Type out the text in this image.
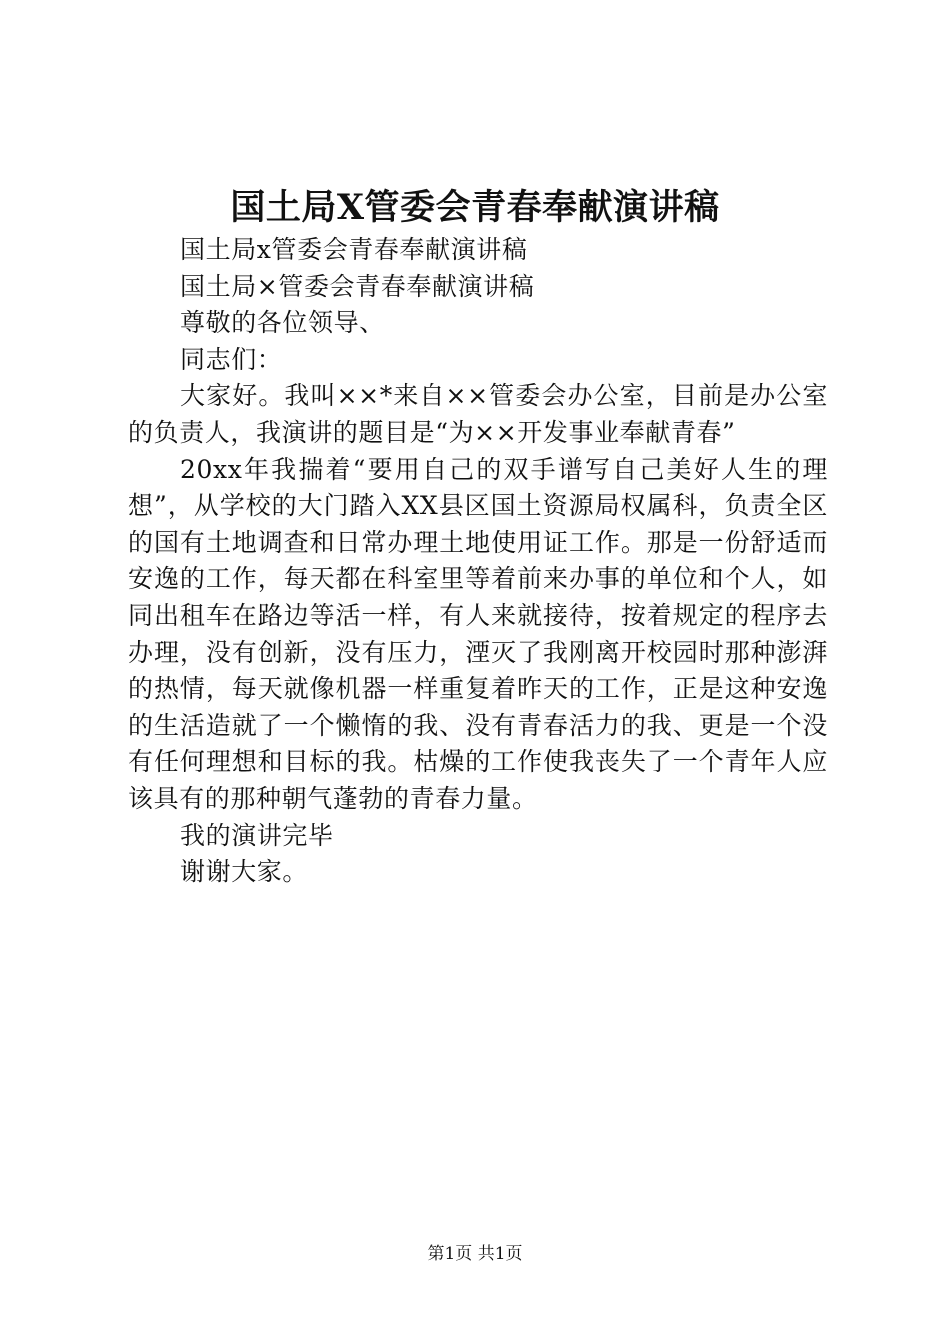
国土局X管委会青春奉献演讲稿

国土局x管委会青春奉献演讲稿

国土局×管委会青春奉献演讲稿

尊敬的各位领导、

同志们：

大家好。我叫××*来自××管委会办公室，目前是办公室的负责人，我演讲的题目是“为××开发事业奉献青春”

20xx年我揣着“要用自己的双手谱写自己美好人生的理想”，从学校的大门踏入XX县区国土资源局权属科，负责全区的国有土地调查和日常办理土地使用证工作。那是一份舒适而安逸的工作，每天都在科室里等着前来办事的单位和个人，如同出租车在路边等活一样，有人来就接待，按着规定的程序去办理，没有创新，没有压力，湮灭了我刚离开校园时那种澎湃的热情，每天就像机器一样重复着昨天的工作，正是这种安逸的生活造就了一个懒惰的我、没有青春活力的我、更是一个没有任何理想和目标的我。枯燥的工作使我丧失了一个青年人应该具有的那种朝气蓬勃的青春力量。

我的演讲完毕

谢谢大家。

第1页 共1页
